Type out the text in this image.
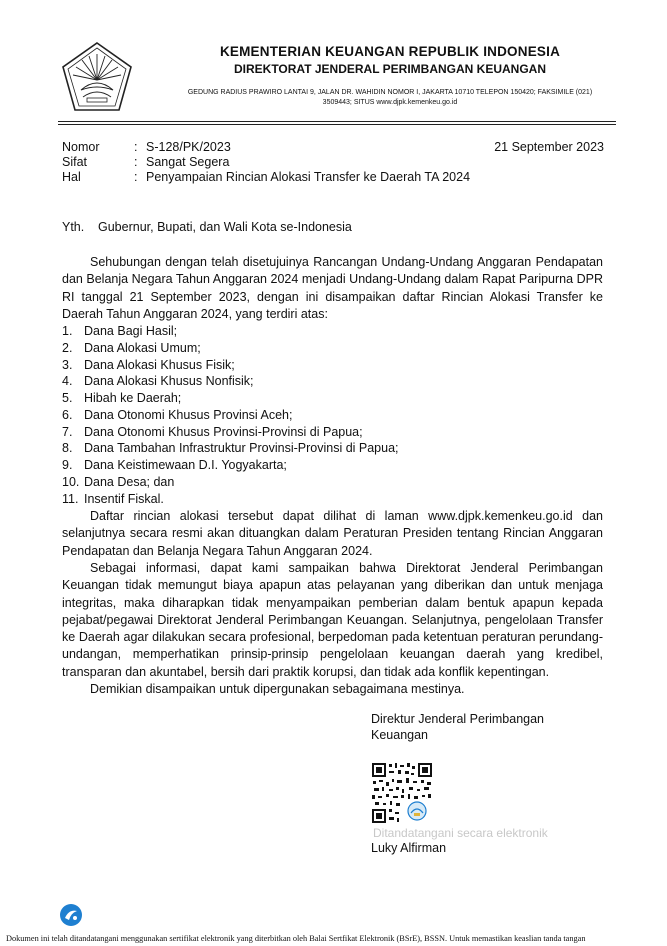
KEMENTERIAN KEUANGAN REPUBLIK INDONESIA
DIREKTORAT JENDERAL PERIMBANGAN KEUANGAN
GEDUNG RADIUS PRAWIRO LANTAI 9, JALAN DR. WAHIDIN NOMOR I, JAKARTA 10710 TELEPON 150420; FAKSIMILE (021)
3509443; SITUS www.djpk.kemenkeu.go.id
Nomor	: S-128/PK/2023
Sifat	: Sangat Segera
Hal	: Penyampaian Rincian Alokasi Transfer ke Daerah TA 2024
21 September 2023
Yth. Gubernur, Bupati, dan Wali Kota se-Indonesia
Sehubungan dengan telah disetujuinya Rancangan Undang-Undang Anggaran Pendapatan dan Belanja Negara Tahun Anggaran 2024 menjadi Undang-Undang dalam Rapat Paripurna DPR RI tanggal 21 September 2023, dengan ini disampaikan daftar Rincian Alokasi Transfer ke Daerah Tahun Anggaran 2024, yang terdiri atas:
1. Dana Bagi Hasil;
2. Dana Alokasi Umum;
3. Dana Alokasi Khusus Fisik;
4. Dana Alokasi Khusus Nonfisik;
5. Hibah ke Daerah;
6. Dana Otonomi Khusus Provinsi Aceh;
7. Dana Otonomi Khusus Provinsi-Provinsi di Papua;
8. Dana Tambahan Infrastruktur Provinsi-Provinsi di Papua;
9. Dana Keistimewaan D.I. Yogyakarta;
10. Dana Desa; dan
11. Insentif Fiskal.
Daftar rincian alokasi tersebut dapat dilihat di laman www.djpk.kemenkeu.go.id dan selanjutnya secara resmi akan dituangkan dalam Peraturan Presiden tentang Rincian Anggaran Pendapatan dan Belanja Negara Tahun Anggaran 2024.
Sebagai informasi, dapat kami sampaikan bahwa Direktorat Jenderal Perimbangan Keuangan tidak memungut biaya apapun atas pelayanan yang diberikan dan untuk menjaga integritas, maka diharapkan tidak menyampaikan pemberian dalam bentuk apapun kepada pejabat/pegawai Direktorat Jenderal Perimbangan Keuangan. Selanjutnya, pengelolaan Transfer ke Daerah agar dilakukan secara profesional, berpedoman pada ketentuan peraturan perundang-undangan, memperhatikan prinsip-prinsip pengelolaan keuangan daerah yang kredibel, transparan dan akuntabel, bersih dari praktik korupsi, dan tidak ada konflik kepentingan.
Demikian disampaikan untuk dipergunakan sebagaimana mestinya.
Direktur Jenderal Perimbangan
Keuangan
Ditandatangani secara elektronik
Luky Alfirman
Dokumen ini telah ditandatangani menggunakan sertifikat elektronik yang diterbitkan oleh Balai Sertfikat Elektronik (BSrE), BSSN. Untuk memastikan keaslian tanda tangan
